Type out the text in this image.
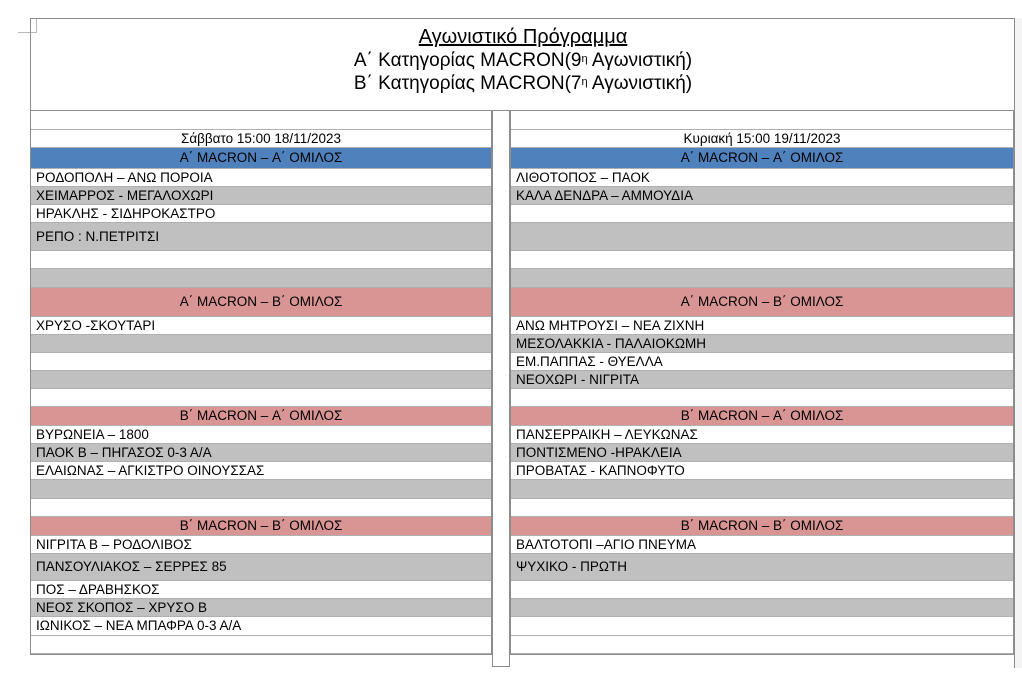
Αγωνιστικό Πρόγραμμα
Α΄ Κατηγορίας $MACRON(9^\eta$ Αγωνιστική)
Β΄ Κατηγορίας $MACRON(7^\eta$ Αγωνιστική)
Σάββατο 15:00 18/11/2023
Α΄ MACRON – Α΄ ΟΜΙΛΟΣ
ΡΟΔΟΠΟΛΗ – ΑΝΩ ΠΟΡΟΙΑ
ΧΕΙΜΑΡΡΟΣ - ΜΕΓΑΛΟΧΩΡΙ
ΗΡΑΚΛΗΣ - ΣΙΔΗΡΟΚΑΣΤΡΟ
ΡΕΠΟ : Ν.ΠΕΤΡΙΤΣΙ
Α΄ MACRON – Β΄ ΟΜΙΛΟΣ
ΧΡΥΣΟ -ΣΚΟΥΤΑΡΙ
Β΄ MACRON – Α΄ ΟΜΙΛΟΣ
ΒΥΡΩΝΕΙΑ – 1800
ΠΑΟΚ Β – ΠΗΓΑΣΟΣ 0-3 Α/Α
ΕΛΑΙΩΝΑΣ – ΑΓΚΙΣΤΡΟ ΟΙΝΟΥΣΣΑΣ
Β΄ MACRON – Β΄ ΟΜΙΛΟΣ
ΝΙΓΡΙΤΑ Β – ΡΟΔΟΛΙΒΟΣ
ΠΑΝΣΟΥΛΙΑΚΟΣ – ΣΕΡΡΕΣ 85
ΠΟΣ – ΔΡΑΒΗΣΚΟΣ
ΝΕΟΣ ΣΚΟΠΟΣ – ΧΡΥΣΟ Β
ΙΩΝΙΚΟΣ – ΝΕΑ ΜΠΑΦΡΑ 0-3 Α/Α
Κυριακή 15:00 19/11/2023
Α΄ MACRON – Α΄ ΟΜΙΛΟΣ
ΛΙΘΟΤΟΠΟΣ – ΠΑΟΚ
ΚΑΛΑ ΔΕΝΔΡΑ – ΑΜΜΟΥΔΙΑ
Α΄ MACRON – Β΄ ΟΜΙΛΟΣ
ΑΝΩ ΜΗΤΡΟΥΣΙ – ΝΕΑ ΖΙΧΝΗ
ΜΕΣΟΛΑΚΚΙΑ - ΠΑΛΑΙΟΚΩΜΗ
ΕΜ.ΠΑΠΠΑΣ - ΘΥΕΛΛΑ
ΝΕΟΧΩΡΙ - ΝΙΓΡΙΤΑ
Β΄ MACRON – Α΄ ΟΜΙΛΟΣ
ΠΑΝΣΕΡΡΑΙΚΗ – ΛΕΥΚΩΝΑΣ
ΠΟΝΤΙΣΜΕΝΟ -ΗΡΑΚΛΕΙΑ
ΠΡΟΒΑΤΑΣ - ΚΑΠΝΟΦΥΤΟ
Β΄ MACRON – Β΄ ΟΜΙΛΟΣ
ΒΑΛΤΟΤΟΠΙ –ΑΓΙΟ ΠΝΕΥΜΑ
ΨΥΧΙΚΟ - ΠΡΩΤΗ
